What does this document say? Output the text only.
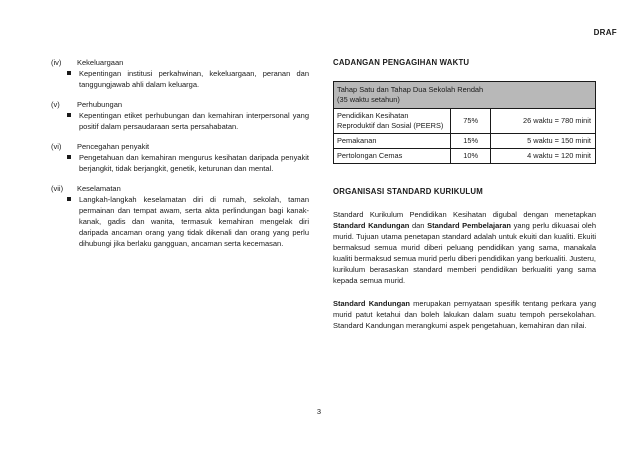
DRAF
(iv)	Kekeluargaan
Kepentingan institusi perkahwinan, kekeluargaan, peranan dan tanggungjawab ahli dalam keluarga.
(v)	Perhubungan
Kepentingan etiket perhubungan dan kemahiran interpersonal yang positif dalam persaudaraan serta persahabatan.
(vi)	Pencegahan penyakit
Pengetahuan dan kemahiran mengurus kesihatan daripada penyakit berjangkit, tidak berjangkit, genetik, keturunan dan mental.
(vii)	Keselamatan
Langkah-langkah keselamatan diri di rumah, sekolah, taman permainan dan tempat awam, serta akta perlindungan bagi kanak-kanak, gadis dan wanita, termasuk kemahiran mengelak diri daripada ancaman orang yang tidak dikenali dan orang yang perlu dihubungi jika berlaku gangguan, ancaman serta kecemasan.
CADANGAN PENGAGIHAN WAKTU
Tahap Satu dan Tahap Dua Sekolah Rendah
(35 waktu setahun)		

Pendidikan Kesihatan Reproduktif dan Sosial (PEERS)	75%	26 waktu = 780 minit
Pemakanan	15%	5 waktu = 150 minit
Pertolongan Cemas	10%	4 waktu = 120 minit
ORGANISASI STANDARD KURIKULUM
Standard Kurikulum Pendidikan Kesihatan digubal dengan menetapkan Standard Kandungan dan Standard Pembelajaran yang perlu dikuasai oleh murid. Tujuan utama penetapan standard adalah untuk ekuiti dan kualiti. Ekuiti bermaksud semua murid diberi peluang pendidikan yang sama, manakala kualiti bermaksud semua murid perlu diberi pendidikan yang berkualiti. Justeru, kurikulum berasaskan standard memberi pendidikan berkualiti yang sama kepada semua murid.
Standard Kandungan merupakan pernyataan spesifik tentang perkara yang murid patut ketahui dan boleh lakukan dalam suatu tempoh persekolahan. Standard Kandungan merangkumi aspek pengetahuan, kemahiran dan nilai.
3
